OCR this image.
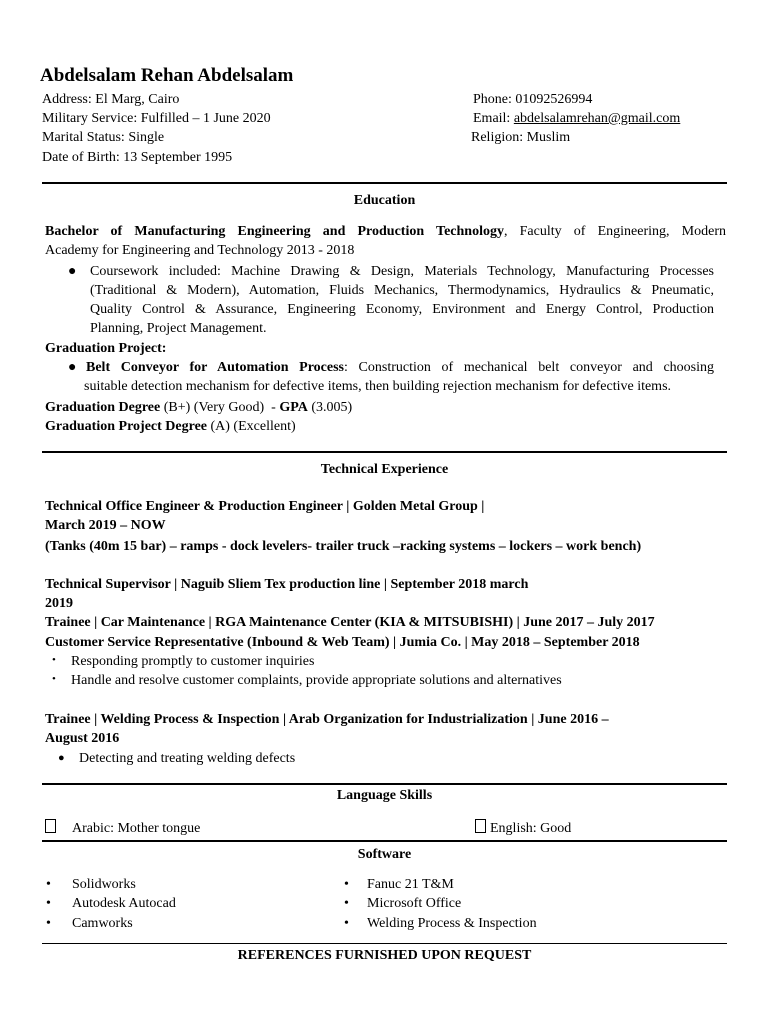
Abdelsalam Rehan Abdelsalam
Address: El Marg, Cairo
Military Service: Fulfilled – 1 June 2020
Marital Status: Single
Date of Birth: 13 September 1995
Phone: 01092526994
Email: abdelsalamrehan@gmail.com
Religion: Muslim
Education
Bachelor of Manufacturing Engineering and Production Technology, Faculty of Engineering, Modern
Academy for Engineering and Technology 2013 - 2018
● Coursework included: Machine Drawing & Design, Materials Technology, Manufacturing Processes
(Traditional & Modern), Automation, Fluids Mechanics, Thermodynamics, Hydraulics & Pneumatic,
Quality Control & Assurance, Engineering Economy, Environment and Energy Control, Production
Planning, Project Management.
Graduation Project:
● Belt Conveyor for Automation Process: Construction of mechanical belt conveyor and choosing
suitable detection mechanism for defective items, then building rejection mechanism for defective items.
Graduation Degree (B+) (Very Good)  - GPA (3.005)
Graduation Project Degree (A) (Excellent)
Technical Experience
Technical Office Engineer & Production Engineer | Golden Metal Group |
March 2019 – NOW
(Tanks (40m 15 bar) – ramps - dock levelers- trailer truck –racking systems – lockers – work bench)
Technical Supervisor | Naguib Sliem Tex production line | September 2018 march
2019
Trainee | Car Maintenance | RGA Maintenance Center (KIA & MITSUBISHI) | June 2017 – July 2017
Customer Service Representative (Inbound & Web Team) | Jumia Co. | May 2018 – September 2018
• Responding promptly to customer inquiries
• Handle and resolve customer complaints, provide appropriate solutions and alternatives
Trainee | Welding Process & Inspection | Arab Organization for Industrialization | June 2016 –
August 2016
● Detecting and treating welding defects
Language Skills
Arabic: Mother tongue	English: Good
Software
• Solidworks
• Autodesk Autocad
• Camworks
• Fanuc 21 T&M
• Microsoft Office
• Welding Process & Inspection
REFERENCES FURNISHED UPON REQUEST
